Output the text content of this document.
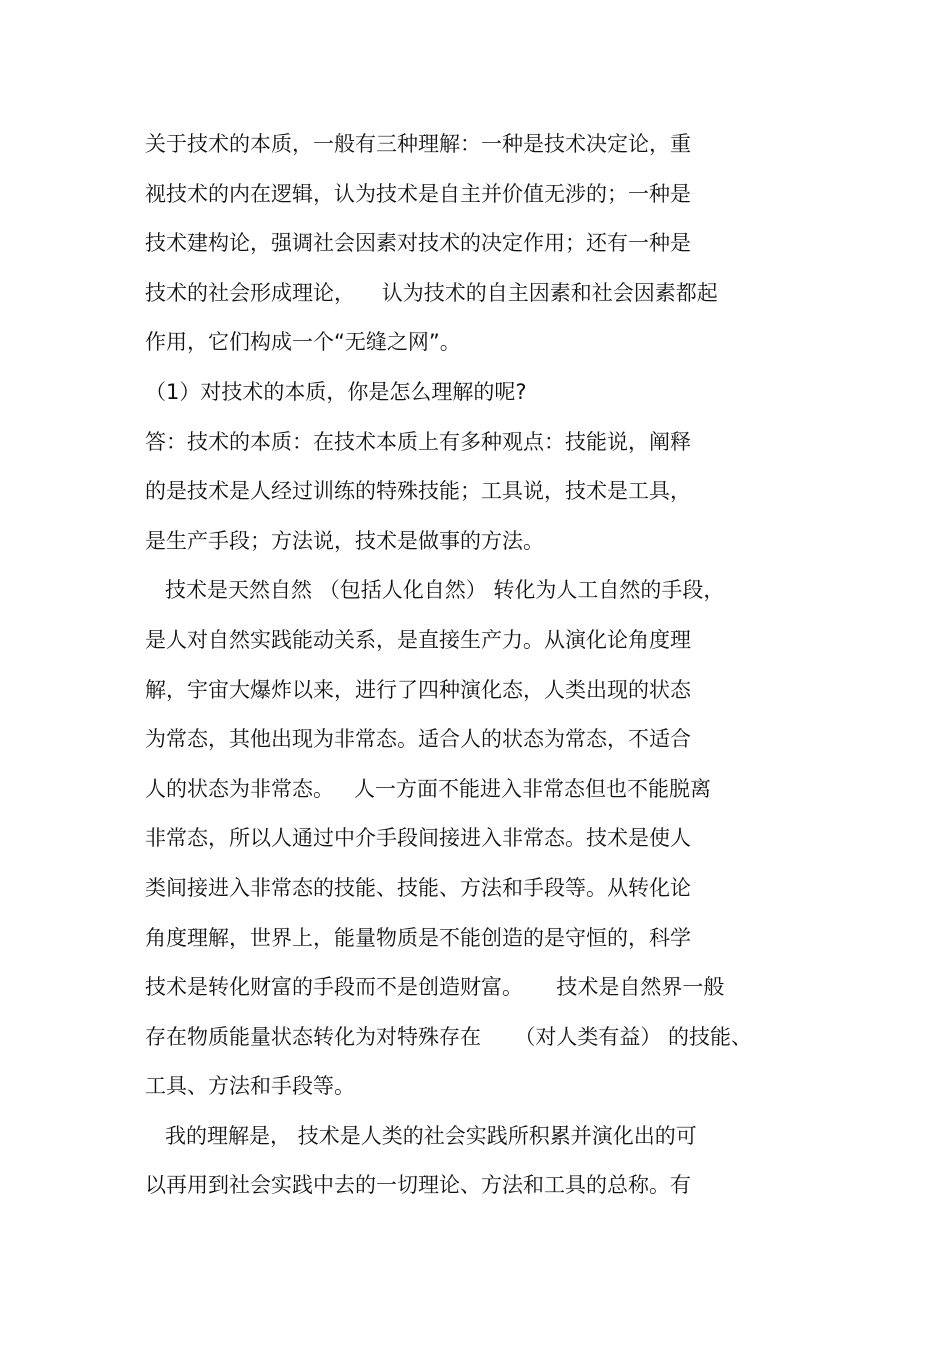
关于技术的本质，一般有三种理解：一种是技术决定论，重
视技术的内在逻辑，认为技术是自主并价值无涉的；一种是
技术建构论，强调社会因素对技术的决定作用；还有一种是
技术的社会形成理论，    认为技术的自主因素和社会因素都起
作用，它们构成一个“无缝之网”。
（1）对技术的本质，你是怎么理解的呢?
答：技术的本质：在技术本质上有多种观点：技能说，阐释
的是技术是人经过训练的特殊技能；工具说，技术是工具，
是生产手段；方法说，技术是做事的方法。
技术是天然自然 （包括人化自然） 转化为人工自然的手段，
是人对自然实践能动关系，是直接生产力。从演化论角度理
解，宇宙大爆炸以来，进行了四种演化态，人类出现的状态
为常态，其他出现为非常态。适合人的状态为常态，不适合
人的状态为非常态。   人一方面不能进入非常态但也不能脱离
非常态，所以人通过中介手段间接进入非常态。技术是使人
类间接进入非常态的技能、技能、方法和手段等。从转化论
角度理解，世界上，能量物质是不能创造的是守恒的，科学
技术是转化财富的手段而不是创造财富。     技术是自然界一般
存在物质能量状态转化为对特殊存在     （对人类有益） 的技能、
工具、方法和手段等。
我的理解是， 技术是人类的社会实践所积累并演化出的可
以再用到社会实践中去的一切理论、方法和工具的总称。有
